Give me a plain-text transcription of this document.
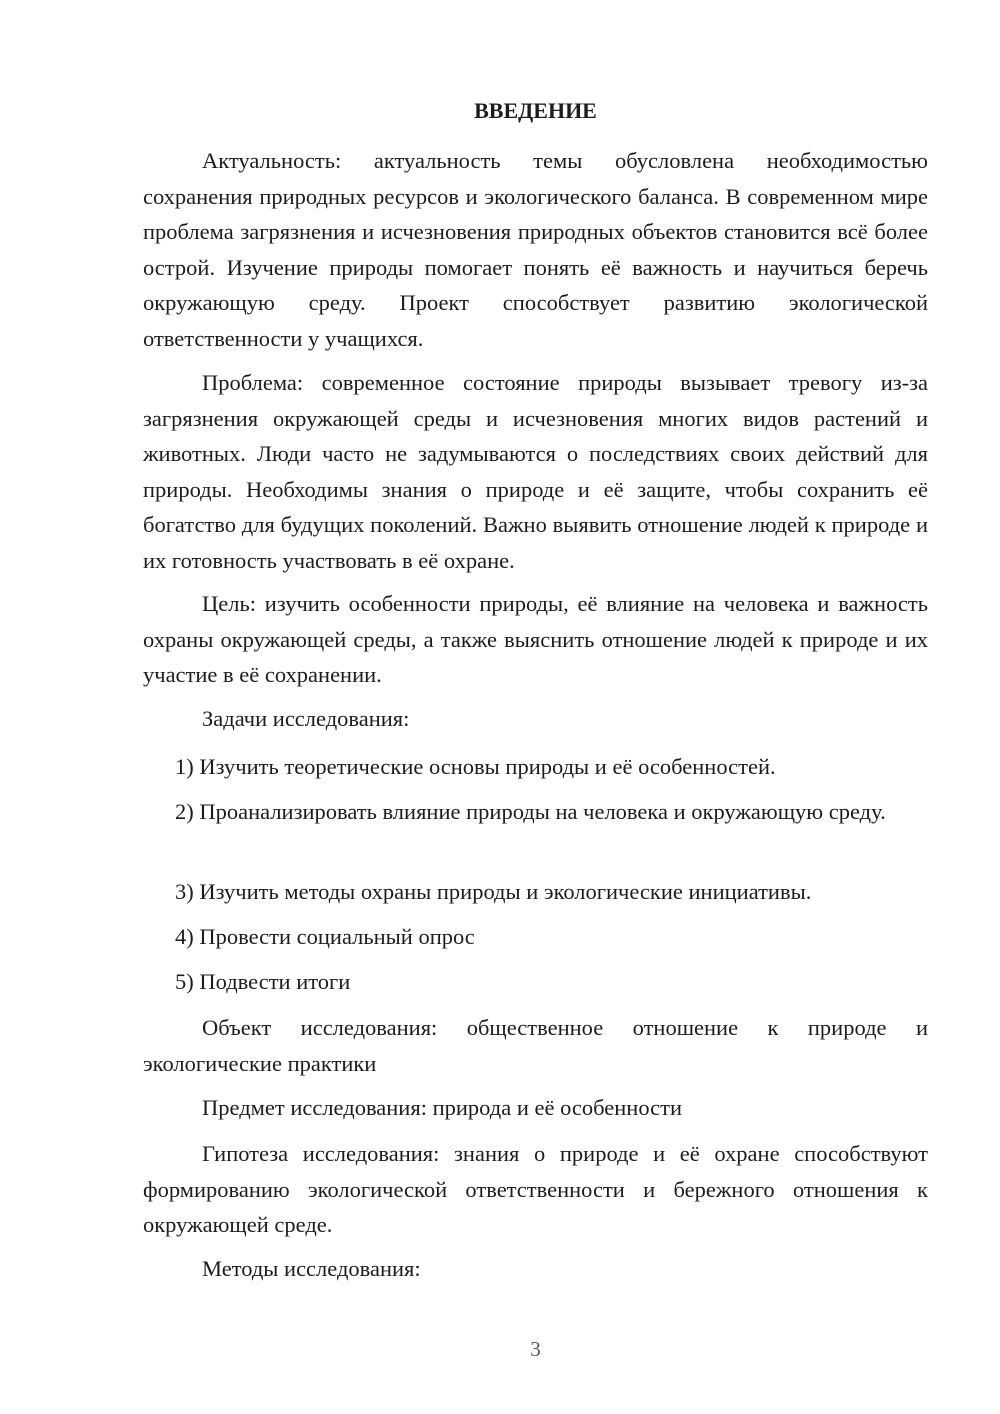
ВВЕДЕНИЕ

Актуальность: актуальность темы обусловлена необходимостью сохранения природных ресурсов и экологического баланса. В современном мире проблема загрязнения и исчезновения природных объектов становится всё более острой. Изучение природы помогает понять её важность и научиться беречь окружающую среду. Проект способствует развитию экологической ответственности у учащихся.

Проблема: современное состояние природы вызывает тревогу из-за загрязнения окружающей среды и исчезновения многих видов растений и животных. Люди часто не задумываются о последствиях своих действий для природы. Необходимы знания о природе и её защите, чтобы сохранить её богатство для будущих поколений. Важно выявить отношение людей к природе и их готовность участвовать в её охране.

Цель: изучить особенности природы, её влияние на человека и важность охраны окружающей среды, а также выяснить отношение людей к природе и их участие в её сохранении.

Задачи исследования:

1) Изучить теоретические основы природы и её особенностей.

2) Проанализировать влияние природы на человека и окружающую среду.

3) Изучить методы охраны природы и экологические инициативы.

4) Провести социальный опрос

5) Подвести итоги

Объект исследования: общественное отношение к природе и экологические практики

Предмет исследования: природа и её особенности

Гипотеза исследования: знания о природе и её охране способствуют формированию экологической ответственности и бережного отношения к окружающей среде.

Методы исследования:

3
